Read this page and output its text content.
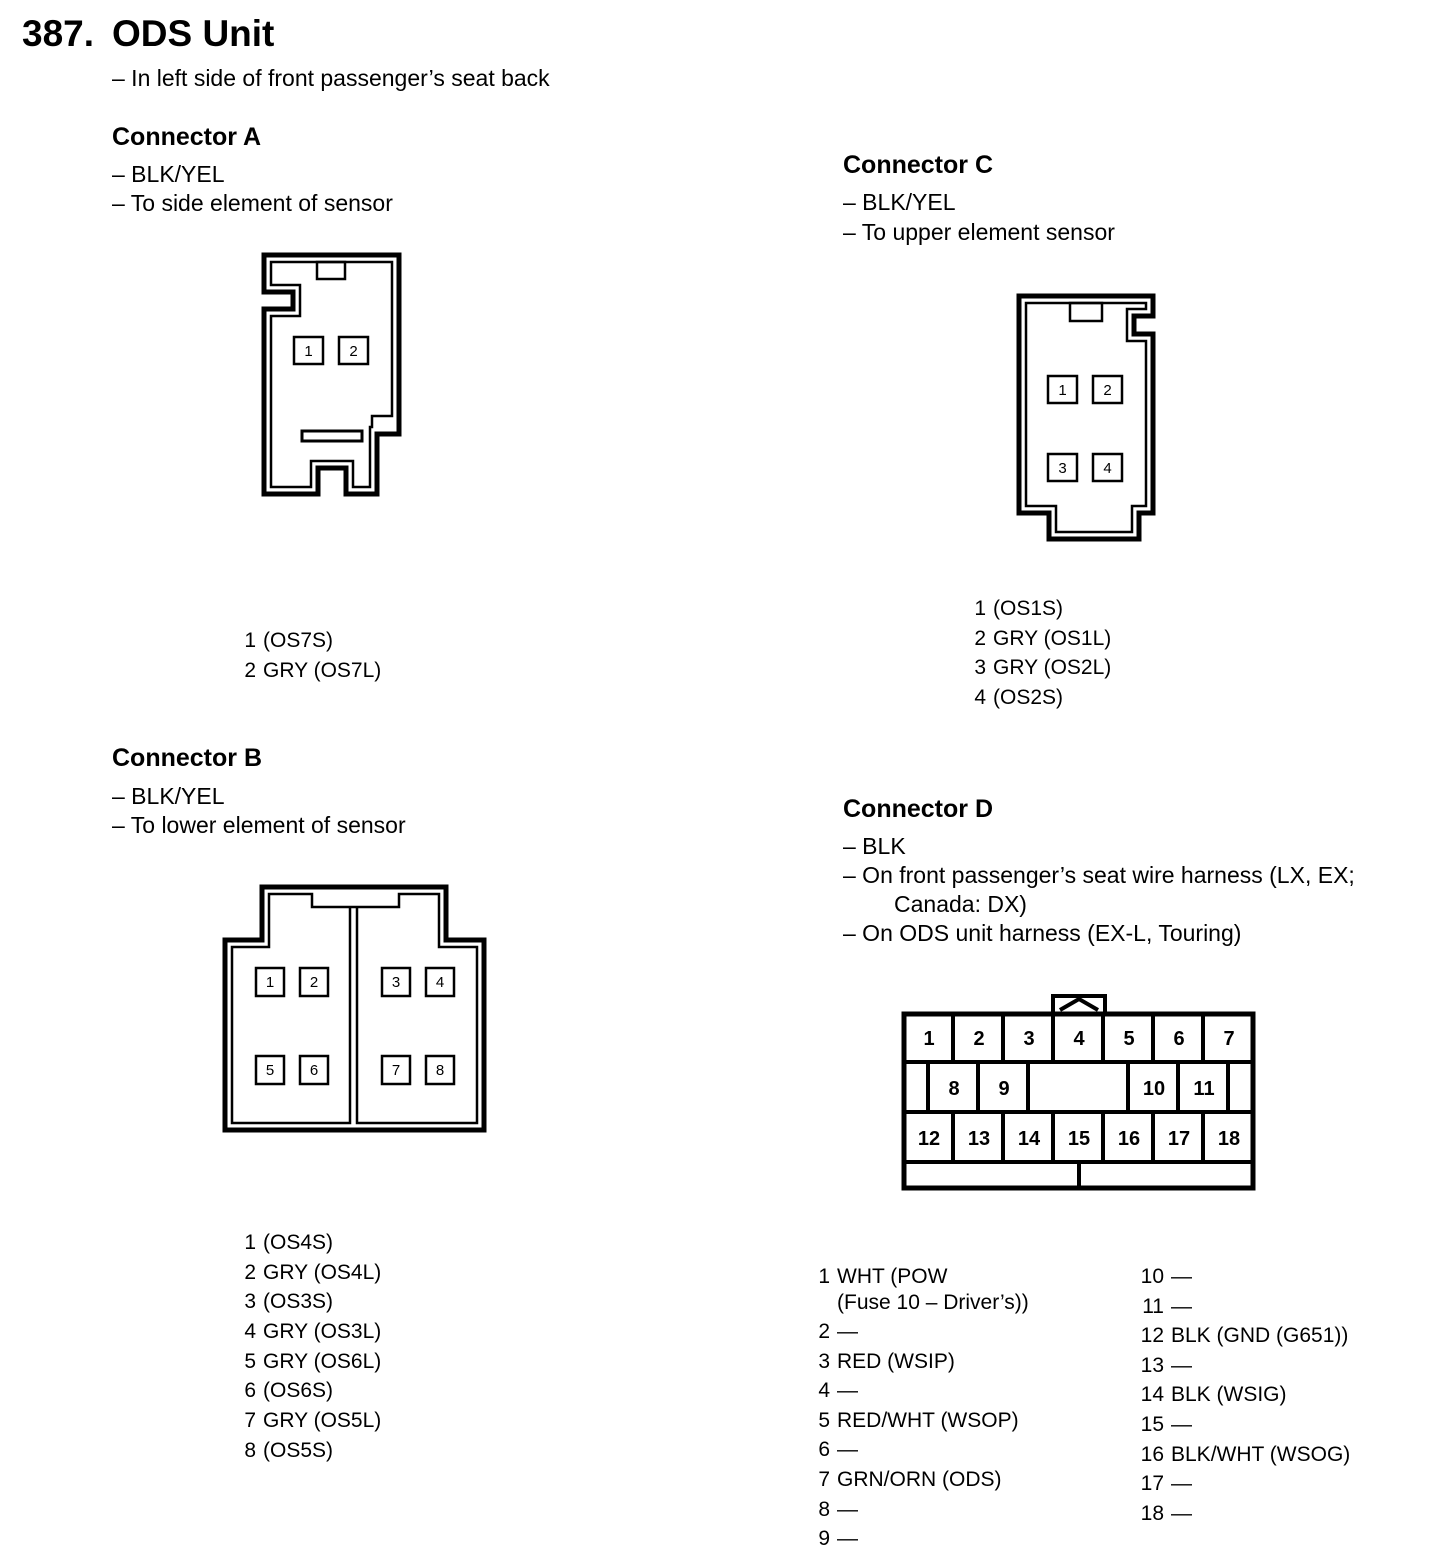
387. ODS Unit
– In left side of front passenger’s seat back
Connector A
– BLK/YEL
– To side element of sensor
1 2
1 (OS7S)
2 GRY (OS7L)
Connector C
– BLK/YEL
– To upper element sensor
1 2
3 4
1 (OS1S)
2 GRY (OS1L)
3 GRY (OS2L)
4 (OS2S)
Connector B
– BLK/YEL
– To lower element of sensor
1 2	3 4
5 6	7 8
1 (OS4S)
2 GRY (OS4L)
3 (OS3S)
4 GRY (OS3L)
5 GRY (OS6L)
6 (OS6S)
7 GRY (OS5L)
8 (OS5S)
Connector D
– BLK
– On front passenger’s seat wire harness (LX, EX;
Canada: DX)
– On ODS unit harness (EX-L, Touring)
1 2 3 4 5 6 7
8 9	10 11
12 13 14 15 16 17 18
1 WHT (POW
(Fuse 10 – Driver’s))
2 —
3 RED (WSIP)
4 —
5 RED/WHT (WSOP)
6 —
7 GRN/ORN (ODS)
8 —
9 —
10 —
11 —
12 BLK (GND (G651))
13 —
14 BLK (WSIG)
15 —
16 BLK/WHT (WSOG)
17 —
18 —
